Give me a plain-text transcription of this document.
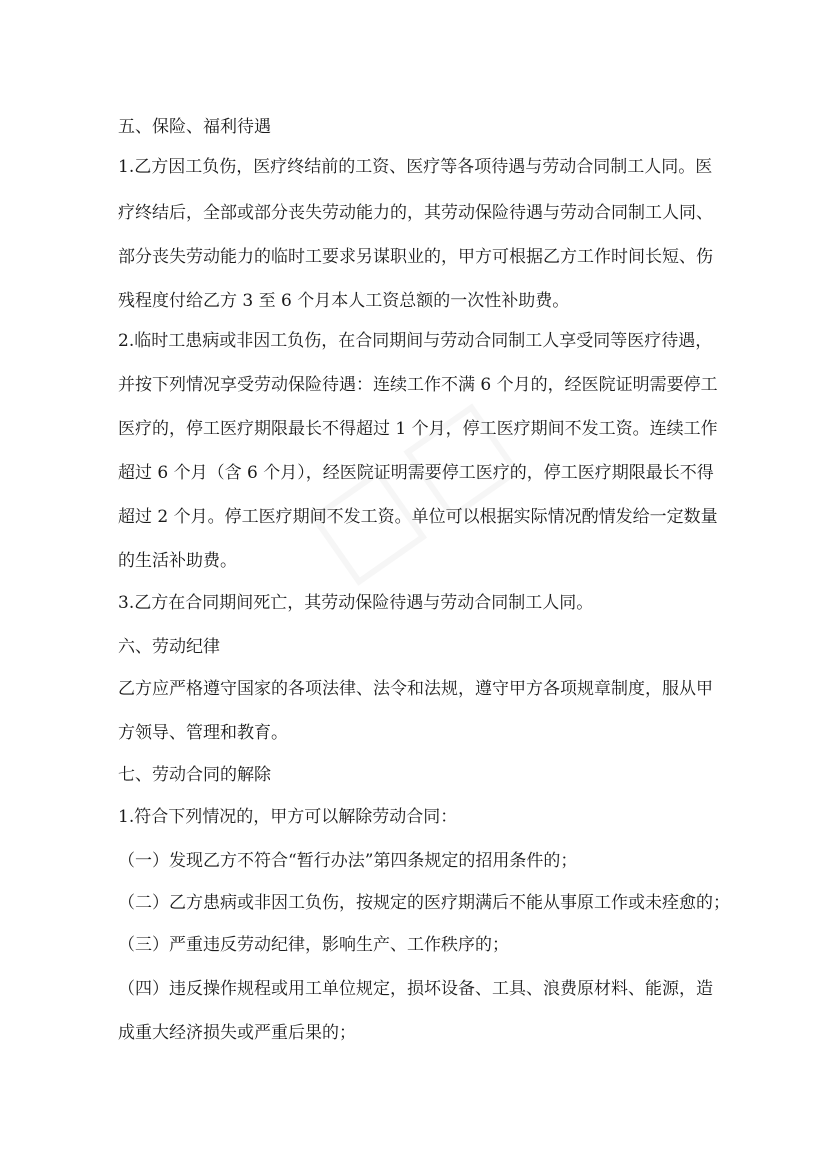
五、保险、福利待遇

1.乙方因工负伤，医疗终结前的工资、医疗等各项待遇与劳动合同制工人同。医

疗终结后，全部或部分丧失劳动能力的，其劳动保险待遇与劳动合同制工人同、

部分丧失劳动能力的临时工要求另谋职业的，甲方可根据乙方工作时间长短、伤

残程度付给乙方 3 至 6 个月本人工资总额的一次性补助费。

2.临时工患病或非因工负伤，在合同期间与劳动合同制工人享受同等医疗待遇，

并按下列情况享受劳动保险待遇：连续工作不满 6 个月的，经医院证明需要停工

医疗的，停工医疗期限最长不得超过 1 个月，停工医疗期间不发工资。连续工作

超过 6 个月（含 6 个月），经医院证明需要停工医疗的，停工医疗期限最长不得

超过 2 个月。停工医疗期间不发工资。单位可以根据实际情况酌情发给一定数量

的生活补助费。

3.乙方在合同期间死亡，其劳动保险待遇与劳动合同制工人同。

六、劳动纪律

乙方应严格遵守国家的各项法律、法令和法规，遵守甲方各项规章制度，服从甲

方领导、管理和教育。

七、劳动合同的解除

1.符合下列情况的，甲方可以解除劳动合同：

（一）发现乙方不符合“暂行办法”第四条规定的招用条件的；

（二）乙方患病或非因工负伤，按规定的医疗期满后不能从事原工作或未痊愈的；

（三）严重违反劳动纪律，影响生产、工作秩序的；

（四）违反操作规程或用工单位规定，损坏设备、工具、浪费原材料、能源，造

成重大经济损失或严重后果的；
